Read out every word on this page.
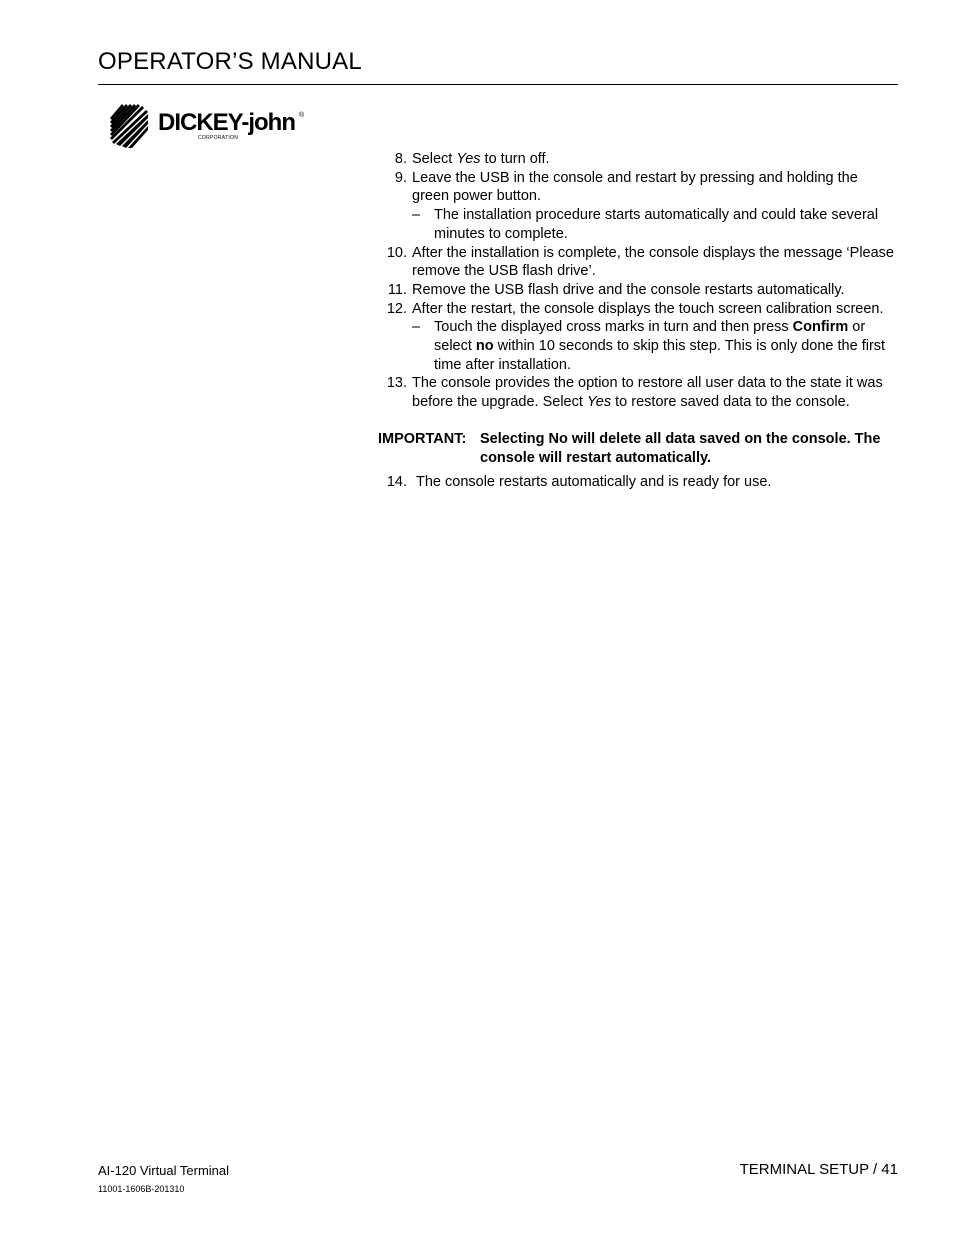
OPERATOR’S MANUAL
DICKEY-john ®
CORPORATION
8. Select Yes to turn off.
9. Leave the USB in the console and restart by pressing and holding the green power button.
– The installation procedure starts automatically and could take several minutes to complete.
10. After the installation is complete, the console displays the message ‘Please remove the USB flash drive’.
11. Remove the USB flash drive and the console restarts automatically.
12. After the restart, the console displays the touch screen calibration screen.
– Touch the displayed cross marks in turn and then press Confirm or select no within 10 seconds to skip this step. This is only done the first time after installation.
13. The console provides the option to restore all user data to the state it was before the upgrade. Select Yes to restore saved data to the console.
IMPORTANT: Selecting No will delete all data saved on the console. The console will restart automatically.
14. The console restarts automatically and is ready for use.
AI-120 Virtual Terminal
11001-1606B-201310
TERMINAL SETUP / 41
